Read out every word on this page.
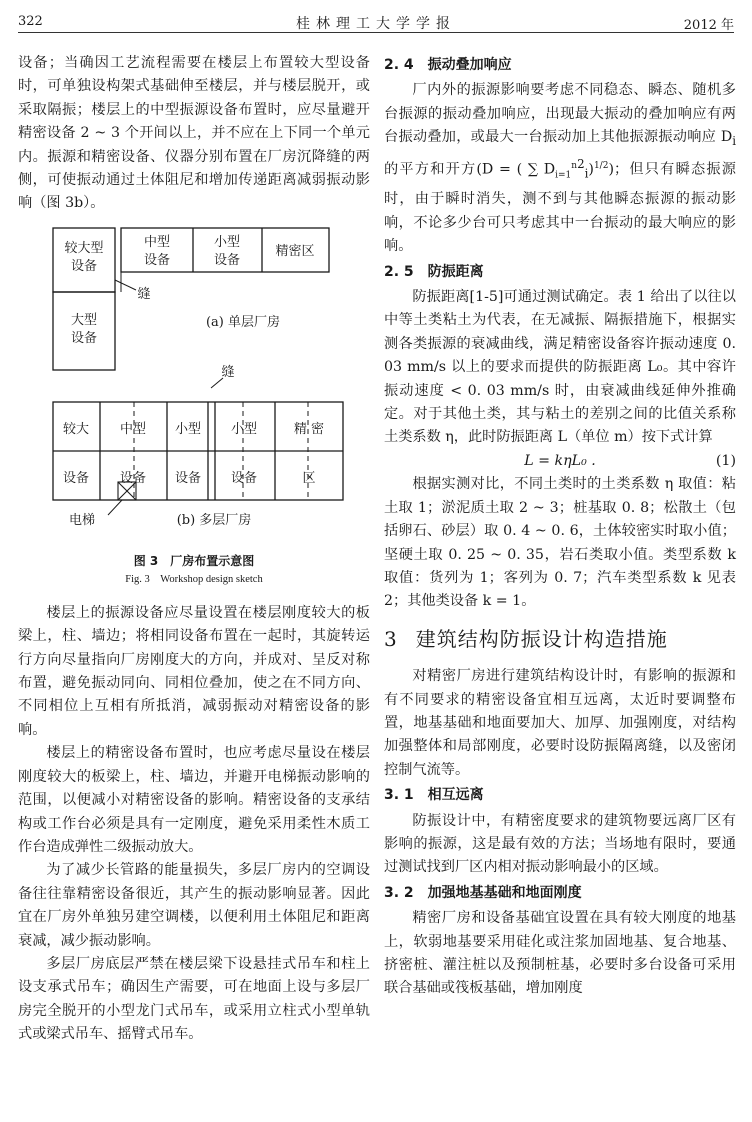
322	桂林理工大学学报	2012 年

设备；当确因工艺流程需要在楼层上布置较大型设备时，可单独设构架式基础伸至楼层，并与楼层脱开，或采取隔振；楼层上的中型振源设备布置时，应尽量避开精密设备 2 ~ 3 个开间以上，并不应在上下同一个单元内。振源和精密设备、仪器分别布置在厂房沉降缝的两侧，可使振动通过土体阻尼和增加传递距离减弱振动影响（图 3b）。

较大型
设备
大型
设备
中型
设备
小型
设备
精密区
缝
(a) 单层厂房
缝
较大 中型 小型 小型	精 密
设备 设备 设备 设备	区
电梯	(b) 多层厂房
图 3　厂房布置示意图
Fig. 3　Workshop design sketch

楼层上的振源设备应尽量设置在楼层刚度较大的板梁上，柱、墙边；将相同设备布置在一起时，其旋转运行方向尽量指向厂房刚度大的方向，并成对、呈反对称布置，避免振动同向、同相位叠加，使之在不同方向、不同相位上互相有所抵消，减弱振动对精密设备的影响。

楼层上的精密设备布置时，也应考虑尽量设在楼层刚度较大的板梁上，柱、墙边，并避开电梯振动影响的范围，以便减小对精密设备的影响。精密设备的支承结构或工作台必须是具有一定刚度，避免采用柔性木质工作台造成弹性二级振动放大。

为了减少长管路的能量损失，多层厂房内的空调设备往往靠精密设备很近，其产生的振动影响显著。因此宜在厂房外单独另建空调楼，以便利用土体阻尼和距离衰减，减少振动影响。

多层厂房底层严禁在楼层梁下设悬挂式吊车和柱上设支承式吊车；确因生产需要，可在地面上设与多层厂房完全脱开的小型龙门式吊车，或采用立柱式小型单轨式或梁式吊车、摇臂式吊车。

2. 4　振动叠加响应

厂内外的振源影响要考虑不同稳态、瞬态、随机多台振源的振动叠加响应，出现最大振动的叠加响应有两台振动叠加，或最大一台振动加上其他振源振动响应 $D_i$ 的平方和开方(D = ( ∑ $D_{i=1}^{n2}_i)^{1/2}$)；但只有瞬态振源时，由于瞬时消失，测不到与其他瞬态振源的振动影响，不论多少台可只考虑其中一台振动的最大响应的影响。

2. 5　防振距离

防振距离[1-5]可通过测试确定。表 1 给出了以往以中等土类粘土为代表，在无减振、隔振措施下，根据实测各类振源的衰减曲线，满足精密设备容许振动速度 0. 03 mm/s 以上的要求而提供的防振距离 L₀。其中容许振动速度 < 0. 03 mm/s 时，由衰减曲线延伸外推确定。对于其他土类，其与粘土的差别之间的比值关系称土类系数 η，此时防振距离 L（单位 m）按下式计算

L = kηL₀ .	(1)

根据实测对比，不同土类时的土类系数 η 取值：粘土取 1；淤泥质土取 2 ~ 3；桩基取 0. 8；松散土（包括卵石、砂层）取 0. 4 ~ 0. 6，土体较密实时取小值；坚硬土取 0. 25 ~ 0. 35，岩石类取小值。类型系数 k 取值：货列为 1；客列为 0. 7；汽车类型系数 k 见表 2；其他类设备 k = 1。

3 建筑结构防振设计构造措施

对精密厂房进行建筑结构设计时，有影响的振源和有不同要求的精密设备宜相互远离，太近时要调整布置，地基基础和地面要加大、加厚、加强刚度，对结构加强整体和局部刚度，必要时设防振隔离缝，以及密闭控制气流等。

3. 1　相互远离

防振设计中，有精密度要求的建筑物要远离厂区有影响的振源，这是最有效的方法；当场地有限时，要通过测试找到厂区内相对振动影响最小的区域。

3. 2　加强地基基础和地面刚度

精密厂房和设备基础宜设置在具有较大刚度的地基上，软弱地基要采用硅化或注浆加固地基、复合地基、挤密桩、灌注桩以及预制桩基，必要时多台设备可采用联合基础或筏板基础，增加刚度
